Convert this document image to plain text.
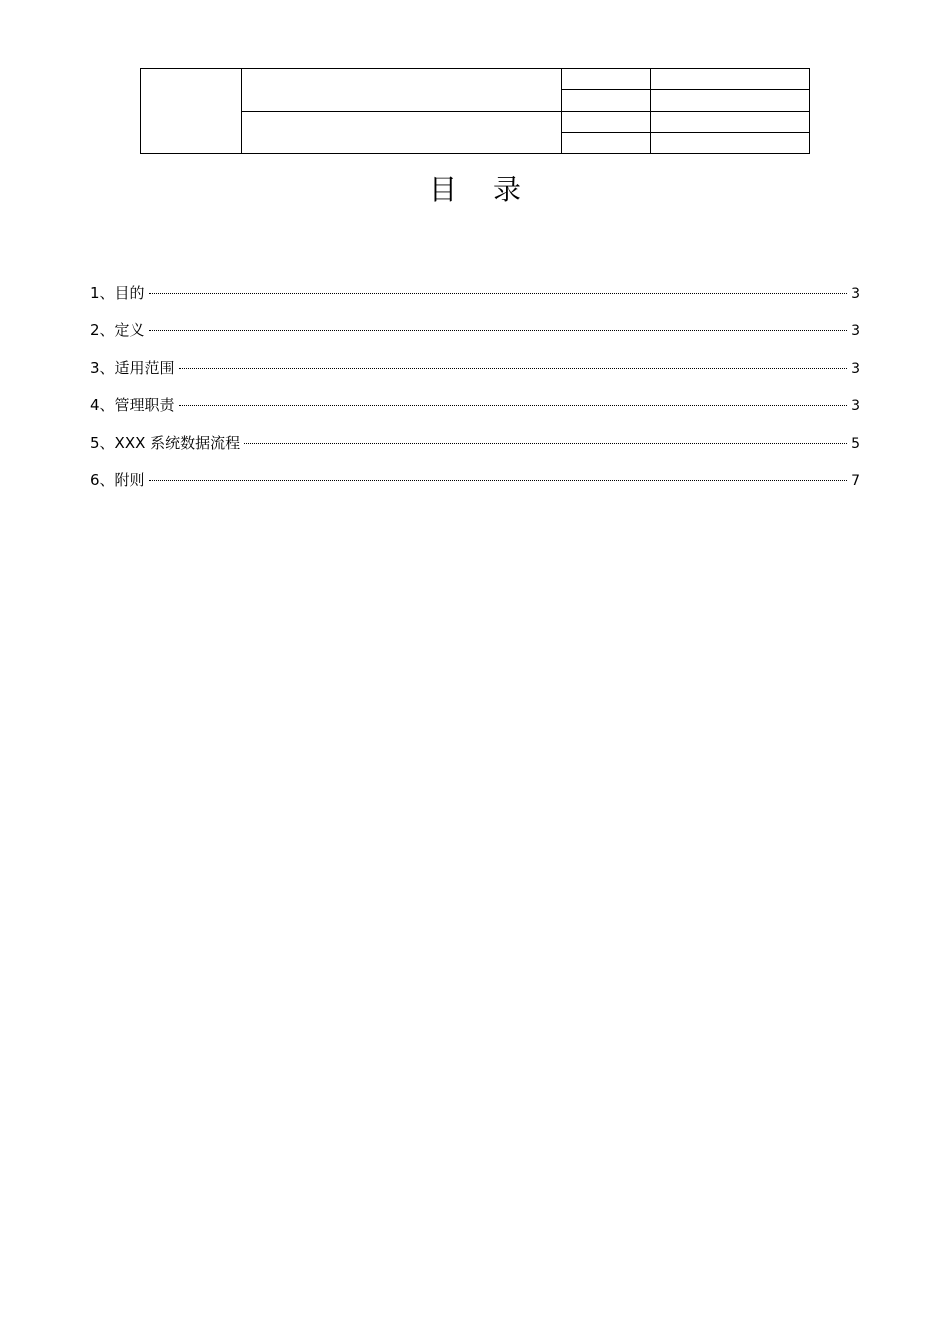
目录
1、目的	3
2、定义	3
3、适用范围	3
4、管理职责	3
5、XXX 系统数据流程	5
6、附则	7
